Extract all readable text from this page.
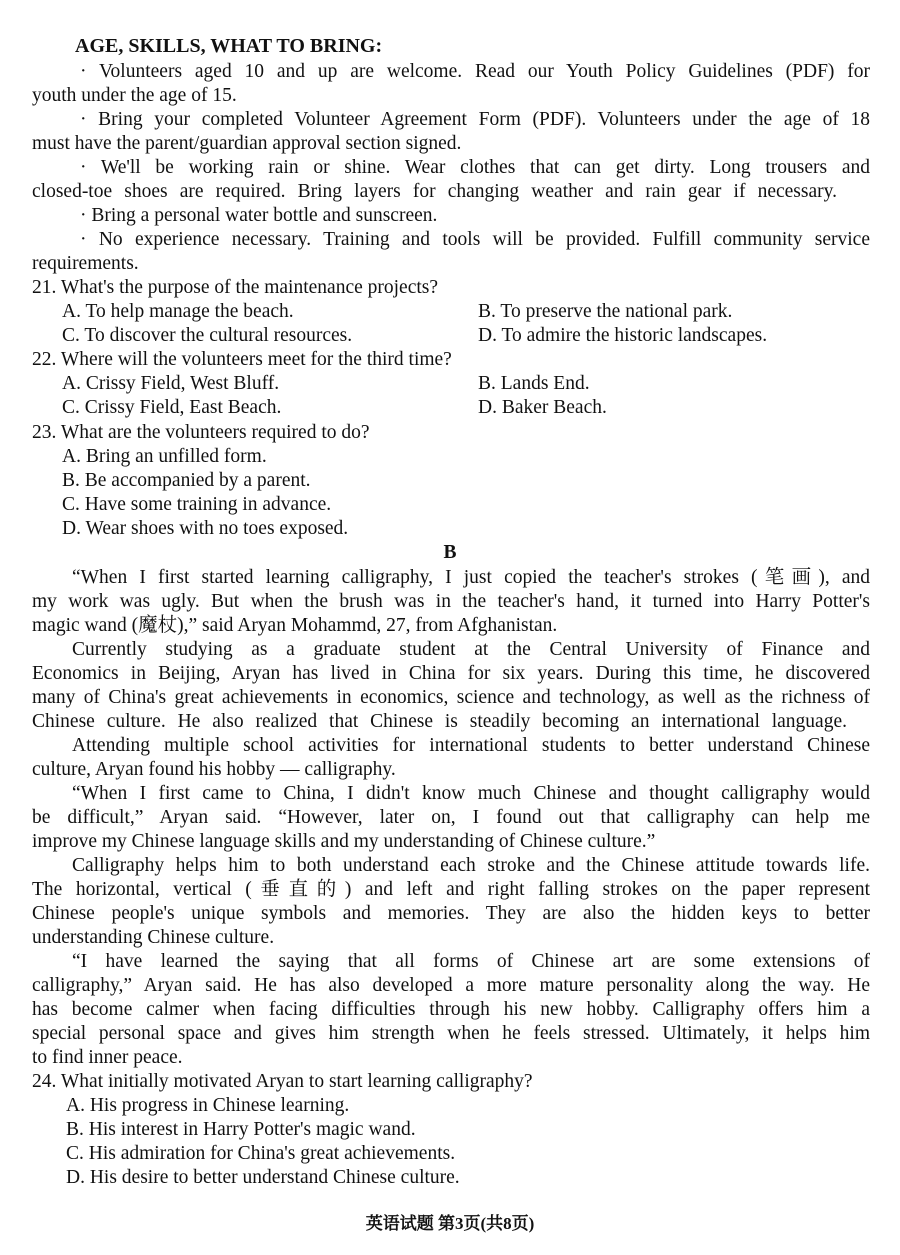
AGE, SKILLS, WHAT TO BRING:
· Volunteers aged 10 and up are welcome. Read our Youth Policy Guidelines (PDF) for
youth under the age of 15.
· Bring your completed Volunteer Agreement Form (PDF). Volunteers under the age of 18
must have the parent/guardian approval section signed.
· We'll be working rain or shine. Wear clothes that can get dirty. Long trousers and
closed-toe shoes are required. Bring layers for changing weather and rain gear if necessary.
· Bring a personal water bottle and sunscreen.
· No experience necessary. Training and tools will be provided. Fulfill community service
requirements.
21. What's the purpose of the maintenance projects?
A. To help manage the beach.	B. To preserve the national park.
C. To discover the cultural resources.	D. To admire the historic landscapes.
22. Where will the volunteers meet for the third time?
A. Crissy Field, West Bluff.	B. Lands End.
C. Crissy Field, East Beach.	D. Baker Beach.
23. What are the volunteers required to do?
A. Bring an unfilled form.
B. Be accompanied by a parent.
C. Have some training in advance.
D. Wear shoes with no toes exposed.
B
“When I first started learning calligraphy, I just copied the teacher's strokes (笔画), and
my work was ugly. But when the brush was in the teacher's hand, it turned into Harry Potter's
magic wand (魔杖),” said Aryan Mohammd, 27, from Afghanistan.
Currently studying as a graduate student at the Central University of Finance and
Economics in Beijing, Aryan has lived in China for six years. During this time, he discovered
many of China's great achievements in economics, science and technology, as well as the richness of
Chinese culture. He also realized that Chinese is steadily becoming an international language.
Attending multiple school activities for international students to better understand Chinese
culture, Aryan found his hobby — calligraphy.
“When I first came to China, I didn't know much Chinese and thought calligraphy would
be difficult,” Aryan said. “However, later on, I found out that calligraphy can help me
improve my Chinese language skills and my understanding of Chinese culture.”
Calligraphy helps him to both understand each stroke and the Chinese attitude towards life.
The horizontal, vertical (垂直的) and left and right falling strokes on the paper represent
Chinese people's unique symbols and memories. They are also the hidden keys to better
understanding Chinese culture.
“I have learned the saying that all forms of Chinese art are some extensions of
calligraphy,” Aryan said. He has also developed a more mature personality along the way. He
has become calmer when facing difficulties through his new hobby. Calligraphy offers him a
special personal space and gives him strength when he feels stressed. Ultimately, it helps him
to find inner peace.
24. What initially motivated Aryan to start learning calligraphy?
A. His progress in Chinese learning.
B. His interest in Harry Potter's magic wand.
C. His admiration for China's great achievements.
D. His desire to better understand Chinese culture.
英语试题 第3页(共8页)
